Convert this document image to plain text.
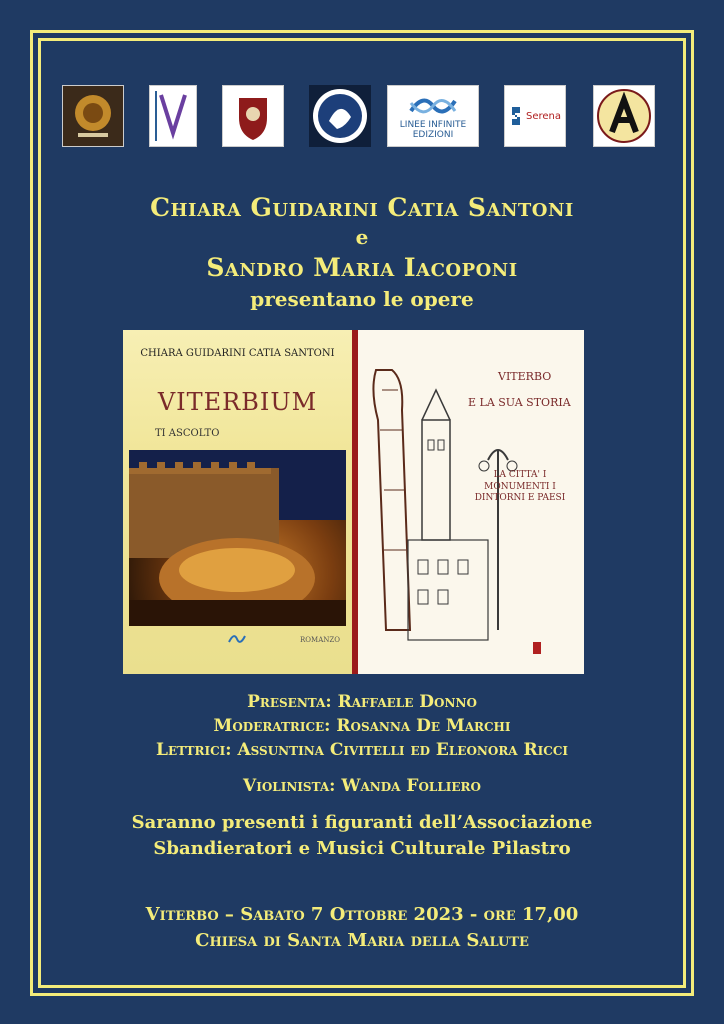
LINEE INFINITE EDIZIONI
Serena
Chiara Guidarini Catia Santoni
e
Sandro Maria Iacoponi
presentano le opere
CHIARA GUIDARINI CATIA SANTONI
VITERBIUM
TI ASCOLTO
ROMANZO
VITERBO
E LA SUA STORIA
LA CITTA' I MONUMENTI I DINTORNI E PAESI
Presenta: Raffaele Donno
Moderatrice: Rosanna De Marchi
Lettrici: Assuntina Civitelli ed Eleonora Ricci
Violinista: Wanda Folliero
Saranno presenti i figuranti dell’Associazione
Sbandieratori e Musici Culturale Pilastro
Viterbo – Sabato 7 Ottobre 2023 - ore 17,00
Chiesa di Santa Maria della Salute
